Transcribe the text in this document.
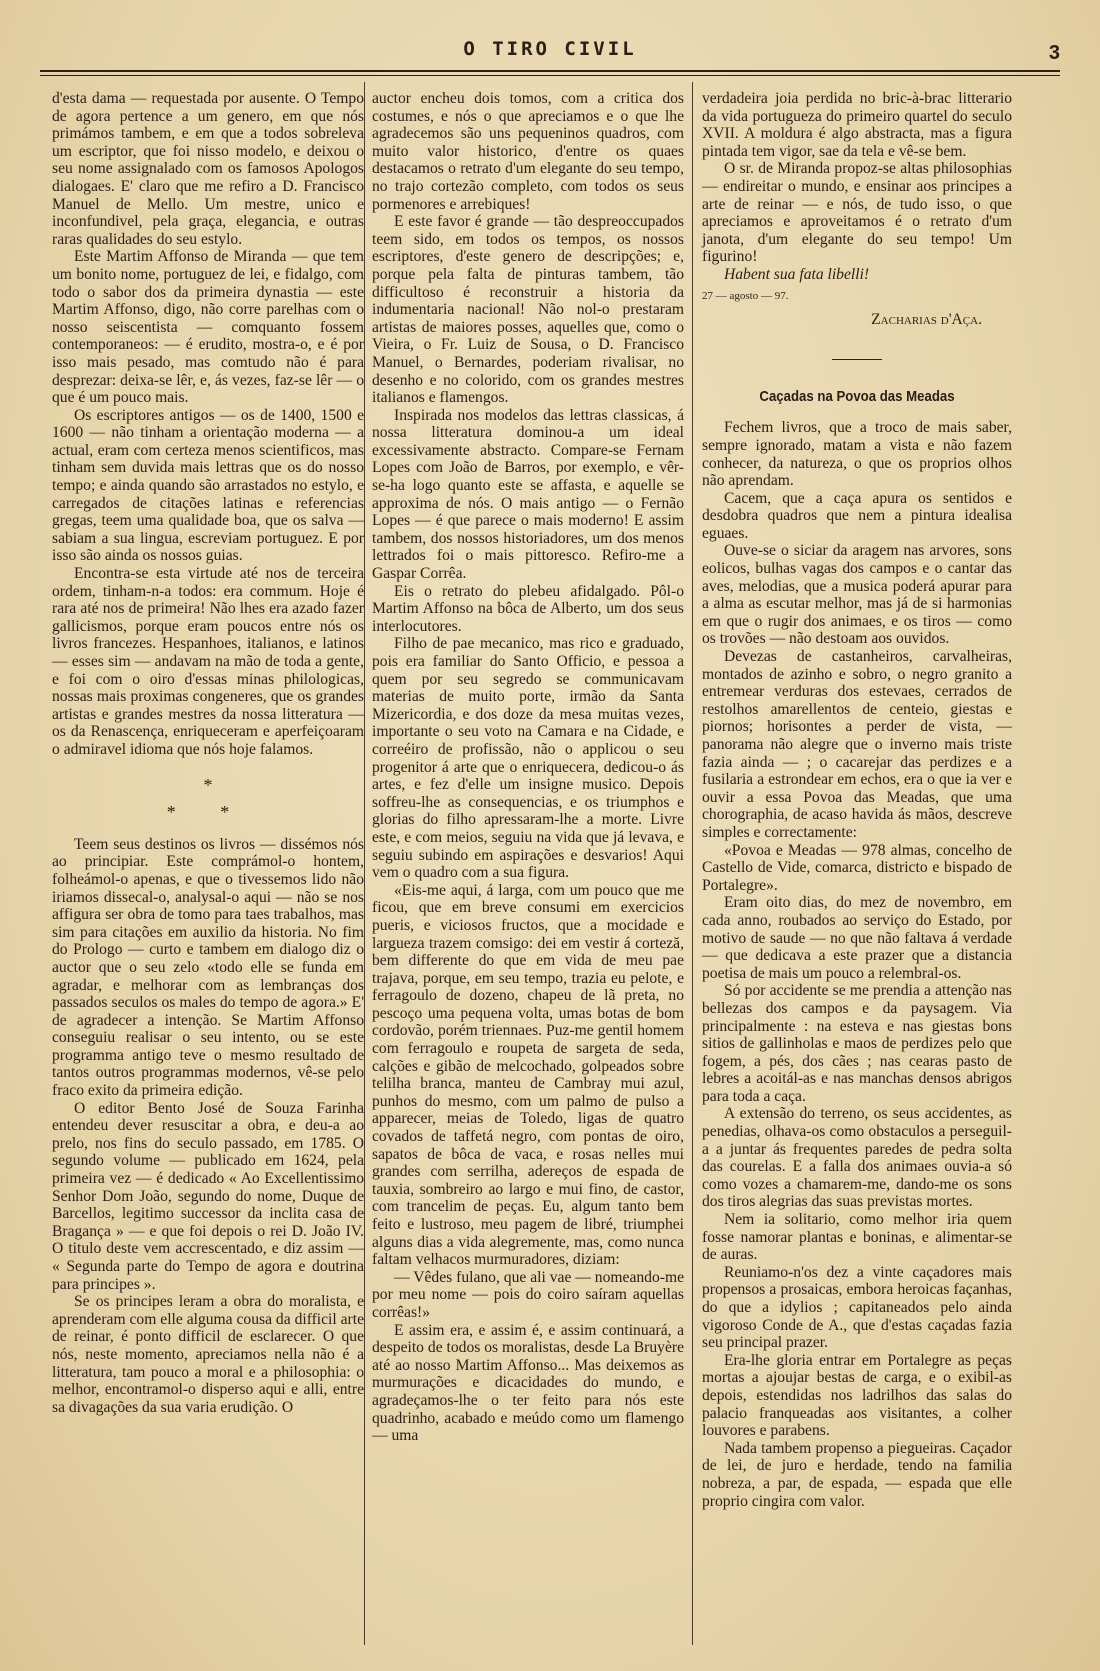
O TIRO CIVIL	3

d'esta dama — requestada por ausente. O Tempo de agora pertence a um genero, em que nós primámos tambem, e em que a todos sobreleva um escriptor, que foi nisso modelo, e deixou o seu nome assignalado com os famosos Apologos dialogaes. E' claro que me refiro a D. Francisco Manuel de Mello. Um mestre, unico e inconfundivel, pela graça, elegancia, e outras raras qualidades do seu estylo.

Este Martim Affonso de Miranda — que tem um bonito nome, portuguez de lei, e fidalgo, com todo o sabor dos da primeira dynastia — este Martim Affonso, digo, não corre parelhas com o nosso seiscentista — comquanto fossem contemporaneos: — é erudito, mostra-o, e é por isso mais pesado, mas comtudo não é para desprezar: deixa-se lêr, e, ás vezes, faz-se lêr — o que é um pouco mais.

Os escriptores antigos — os de 1400, 1500 e 1600 — não tinham a orientação moderna — a actual, eram com certeza menos scientificos, mas tinham sem duvida mais lettras que os do nosso tempo; e ainda quando são arrastados no estylo, e carregados de citações latinas e referencias gregas, teem uma qualidade boa, que os salva — sabiam a sua lingua, escreviam portuguez. E por isso são ainda os nossos guias.

Encontra-se esta virtude até nos de terceira ordem, tinham-n-a todos: era commum. Hoje é rara até nos de primeira! Não lhes era azado fazer gallicismos, porque eram poucos entre nós os livros francezes. Hespanhoes, italianos, e latinos — esses sim — andavam na mão de toda a gente, e foi com o oiro d'essas minas philologicas, nossas mais proximas congeneres, que os grandes artistas e grandes mestres da nossa litteratura — os da Renascença, enriqueceram e aperfeiçoaram o admiravel idioma que nós hoje falamos.

*

* *

Teem seus destinos os livros — dissémos nós ao principiar. Este comprámol-o hontem, folheámol-o apenas, e que o tivessemos lido não iriamos dissecal-o, analysal-o aqui — não se nos affigura ser obra de tomo para taes trabalhos, mas sim para citações em auxilio da historia. No fim do Prologo — curto e tambem em dialogo diz o auctor que o seu zelo «todo elle se funda em agradar, e melhorar com as lembranças dos passados seculos os males do tempo de agora.» E' de agradecer a intenção. Se Martim Affonso conseguiu realisar o seu intento, ou se este programma antigo teve o mesmo resultado de tantos outros programmas modernos, vê-se pelo fraco exito da primeira edição.

O editor Bento José de Souza Farinha entendeu dever resuscitar a obra, e deu-a ao prelo, nos fins do seculo passado, em 1785. O segundo volume — publicado em 1624, pela primeira vez — é dedicado « Ao Excellentissimo Senhor Dom João, segundo do nome, Duque de Barcellos, legitimo successor da inclita casa de Bragança » — e que foi depois o rei D. João IV. O titulo deste vem accrescentado, e diz assim — « Segunda parte do Tempo de agora e doutrina para principes ».

Se os principes leram a obra do moralista, e aprenderam com elle alguma cousa da difficil arte de reinar, é ponto difficil de esclarecer. O que nós, neste momento, apreciamos nella não é a litteratura, tam pouco a moral e a philosophia: o melhor, encontramol-o disperso aqui e alli, entre sa divagações da sua varia erudição. O

auctor encheu dois tomos, com a critica dos costumes, e nós o que apreciamos e o que lhe agradecemos são uns pequeninos quadros, com muito valor historico, d'entre os quaes destacamos o retrato d'um elegante do seu tempo, no trajo cortezão completo, com todos os seus pormenores e arrebiques!

E este favor é grande — tão despreoccupados teem sido, em todos os tempos, os nossos escriptores, d'este genero de descripções; e, porque pela falta de pinturas tambem, tão difficultoso é reconstruir a historia da indumentaria nacional! Não nol-o prestaram artistas de maiores posses, aquelles que, como o Vieira, o Fr. Luiz de Sousa, o D. Francisco Manuel, o Bernardes, poderiam rivalisar, no desenho e no colorido, com os grandes mestres italianos e flamengos.

Inspirada nos modelos das lettras classicas, á nossa litteratura dominou-a um ideal excessivamente abstracto. Compare-se Fernam Lopes com João de Barros, por exemplo, e vêr-se-ha logo quanto este se affasta, e aquelle se approxima de nós. O mais antigo — o Fernão Lopes — é que parece o mais moderno! E assim tambem, dos nossos historiadores, um dos menos lettrados foi o mais pittoresco. Refiro-me a Gaspar Corrêa.

Eis o retrato do plebeu afidalgado. Pôl-o Martim Affonso na bôca de Alberto, um dos seus interlocutores.

Filho de pae mecanico, mas rico e graduado, pois era familiar do Santo Officio, e pessoa a quem por seu segredo se communicavam materias de muito porte, irmão da Santa Mizericordia, e dos doze da mesa muitas vezes, importante o seu voto na Camara e na Cidade, e correéiro de profissão, não o applicou o seu progenitor á arte que o enriquecera, dedicou-o ás artes, e fez d'elle um insigne musico. Depois soffreu-lhe as consequencias, e os triumphos e glorias do filho apressaram-lhe a morte. Livre este, e com meios, seguiu na vida que já levava, e seguiu subindo em aspirações e desvarios! Aqui vem o quadro com a sua figura.

«Eis-me aqui, á larga, com um pouco que me ficou, que em breve consumi em exercicios pueris, e viciosos fructos, que a mocidade e largueza trazem comsigo: dei em vestir á corteză, bem differente do que em vida de meu pae trajava, porque, em seu tempo, trazia eu pelote, e ferragoulo de dozeno, chapeu de lã preta, no pescoço uma pequena volta, umas botas de bom cordovão, porém triennaes. Puz-me gentil homem com ferragoulo e roupeta de sargeta de seda, calções e gibão de melcochado, golpeados sobre telilha branca, manteu de Cambray mui azul, punhos do mesmo, com um palmo de pulso a apparecer, meias de Toledo, ligas de quatro covados de taffetá negro, com pontas de oiro, sapatos de bôca de vaca, e rosas nelles mui grandes com serrilha, adereços de espada de tauxia, sombreiro ao largo e mui fino, de castor, com trancelim de peças. Eu, algum tanto bem feito e lustroso, meu pagem de libré, triumphei alguns dias a vida alegremente, mas, como nunca faltam velhacos murmuradores, diziam:

— Vêdes fulano, que ali vae — nomeando-me por meu nome — pois do coiro saíram aquellas corrêas!»

E assim era, e assim é, e assim continuará, a despeito de todos os moralistas, desde La Bruyère até ao nosso Martim Affonso... Mas deixemos as murmurações e dicacidades do mundo, e agradeçamos-lhe o ter feito para nós este quadrinho, acabado e meúdo como um flamengo — uma

verdadeira joia perdida no bric-à-brac litterario da vida portugueza do primeiro quartel do seculo XVII. A moldura é algo abstracta, mas a figura pintada tem vigor, sae da tela e vê-se bem.

O sr. de Miranda propoz-se altas philosophias — endireitar o mundo, e ensinar aos principes a arte de reinar — e nós, de tudo isso, o que apreciamos e aproveitamos é o retrato d'um janota, d'um elegante do seu tempo! Um figurino!

Habent sua fata libelli!

27 — agosto — 97.

Zacharias d'Aça.

Caçadas na Povoa das Meadas

Fechem livros, que a troco de mais saber, sempre ignorado, matam a vista e não fazem conhecer, da natureza, o que os proprios olhos não aprendam.

Cacem, que a caça apura os sentidos e desdobra quadros que nem a pintura idealisa eguaes.

Ouve-se o siciar da aragem nas arvores, sons eolicos, bulhas vagas dos campos e o cantar das aves, melodias, que a musica poderá apurar para a alma as escutar melhor, mas já de si harmonias em que o rugir dos animaes, e os tiros — como os trovões — não destoam aos ouvidos.

Devezas de castanheiros, carvalheiras, montados de azinho e sobro, o negro granito a entremear verduras dos estevaes, cerrados de restolhos amarellentos de centeio, giestas e piornos; horisontes a perder de vista, — panorama não alegre que o inverno mais triste fazia ainda — ; o cacarejar das perdizes e a fusilaria a estrondear em echos, era o que ia ver e ouvir a essa Povoa das Meadas, que uma chorographia, de acaso havida ás mãos, descreve simples e correctamente:

«Povoa e Meadas — 978 almas, concelho de Castello de Vide, comarca, districto e bispado de Portalegre».

Eram oito dias, do mez de novembro, em cada anno, roubados ao serviço do Estado, por motivo de saude — no que não faltava á verdade — que dedicava a este prazer que a distancia poetisa de mais um pouco a relembral-os.

Só por accidente se me prendia a attenção nas bellezas dos campos e da paysagem. Via principalmente : na esteva e nas giestas bons sitios de gallinholas e maos de perdizes pelo que fogem, a pés, dos cães ; nas cearas pasto de lebres a acoitál-as e nas manchas densos abrigos para toda a caça.

A extensão do terreno, os seus accidentes, as penedias, olhava-os como obstaculos a perseguil-a a juntar ás frequentes paredes de pedra solta das courelas. E a falla dos animaes ouvia-a só como vozes a chamarem-me, dando-me os sons dos tiros alegrias das suas previstas mortes.

Nem ia solitario, como melhor iria quem fosse namorar plantas e boninas, e alimentar-se de auras.

Reuniamo-n'os dez a vinte caçadores mais propensos a prosaicas, embora heroicas façanhas, do que a idylios ; capitaneados pelo ainda vigoroso Conde de A., que d'estas caçadas fazia seu principal prazer.

Era-lhe gloria entrar em Portalegre as peças mortas a ajoujar bestas de carga, e o exibil-as depois, estendidas nos ladrilhos das salas do palacio franqueadas aos visitantes, a colher louvores e parabens.

Nada tambem propenso a piegueiras. Caçador de lei, de juro e herdade, tendo na familia nobreza, a par, de espada, — espada que elle proprio cingira com valor.
